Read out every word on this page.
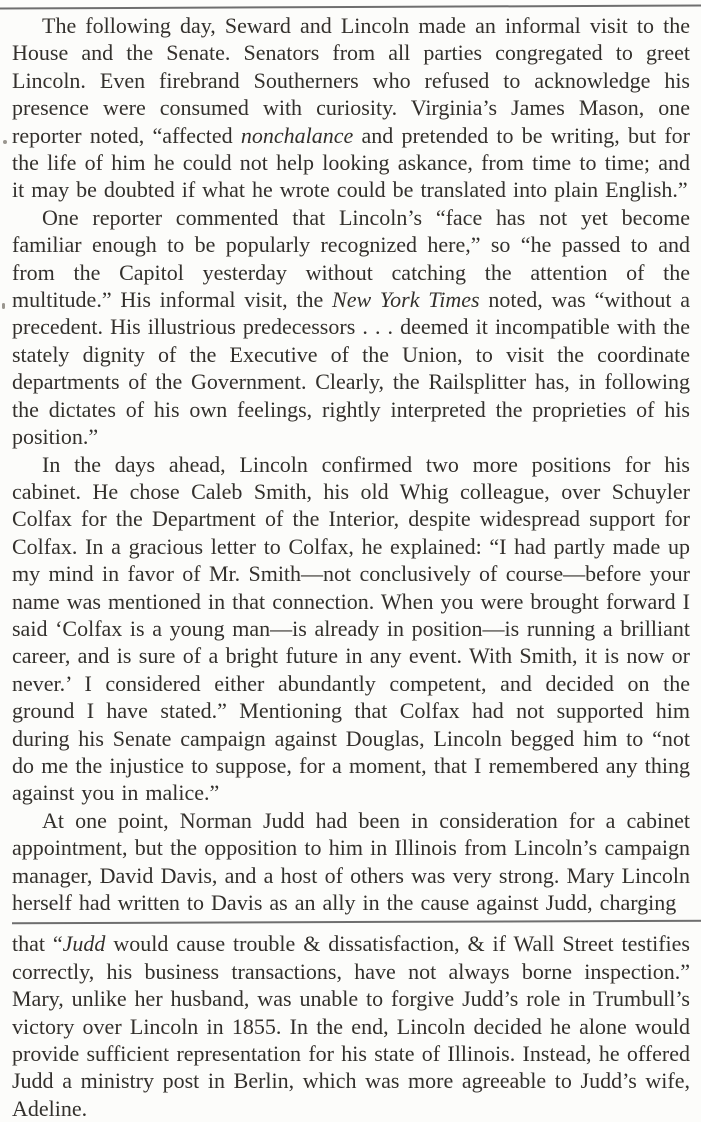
The following day, Seward and Lincoln made an informal visit to the House and the Senate. Senators from all parties congregated to greet Lincoln. Even firebrand Southerners who refused to acknowledge his presence were consumed with curiosity. Virginia’s James Mason, one reporter noted, “affected nonchalance and pretended to be writing, but for the life of him he could not help looking askance, from time to time; and it may be doubted if what he wrote could be translated into plain English.”

One reporter commented that Lincoln’s “face has not yet become familiar enough to be popularly recognized here,” so “he passed to and from the Capitol yesterday without catching the attention of the multitude.” His informal visit, the New York Times noted, was “without a precedent. His illustrious predecessors . . . deemed it incompatible with the stately dignity of the Executive of the Union, to visit the coordinate departments of the Government. Clearly, the Railsplitter has, in following the dictates of his own feelings, rightly interpreted the proprieties of his position.”

In the days ahead, Lincoln confirmed two more positions for his cabinet. He chose Caleb Smith, his old Whig colleague, over Schuyler Colfax for the Department of the Interior, despite widespread support for Colfax. In a gracious letter to Colfax, he explained: “I had partly made up my mind in favor of Mr. Smith—not conclusively of course—before your name was mentioned in that connection. When you were brought forward I said ‘Colfax is a young man—is already in position—is running a brilliant career, and is sure of a bright future in any event. With Smith, it is now or never.’ I considered either abundantly competent, and decided on the ground I have stated.” Mentioning that Colfax had not supported him during his Senate campaign against Douglas, Lincoln begged him to “not do me the injustice to suppose, for a moment, that I remembered any thing against you in malice.”

At one point, Norman Judd had been in consideration for a cabinet appointment, but the opposition to him in Illinois from Lincoln’s campaign manager, David Davis, and a host of others was very strong. Mary Lincoln herself had written to Davis as an ally in the cause against Judd, charging

that “Judd would cause trouble & dissatisfaction, & if Wall Street testifies correctly, his business transactions, have not always borne inspection.” Mary, unlike her husband, was unable to forgive Judd’s role in Trumbull’s victory over Lincoln in 1855. In the end, Lincoln decided he alone would provide sufficient representation for his state of Illinois. Instead, he offered Judd a ministry post in Berlin, which was more agreeable to Judd’s wife, Adeline.
